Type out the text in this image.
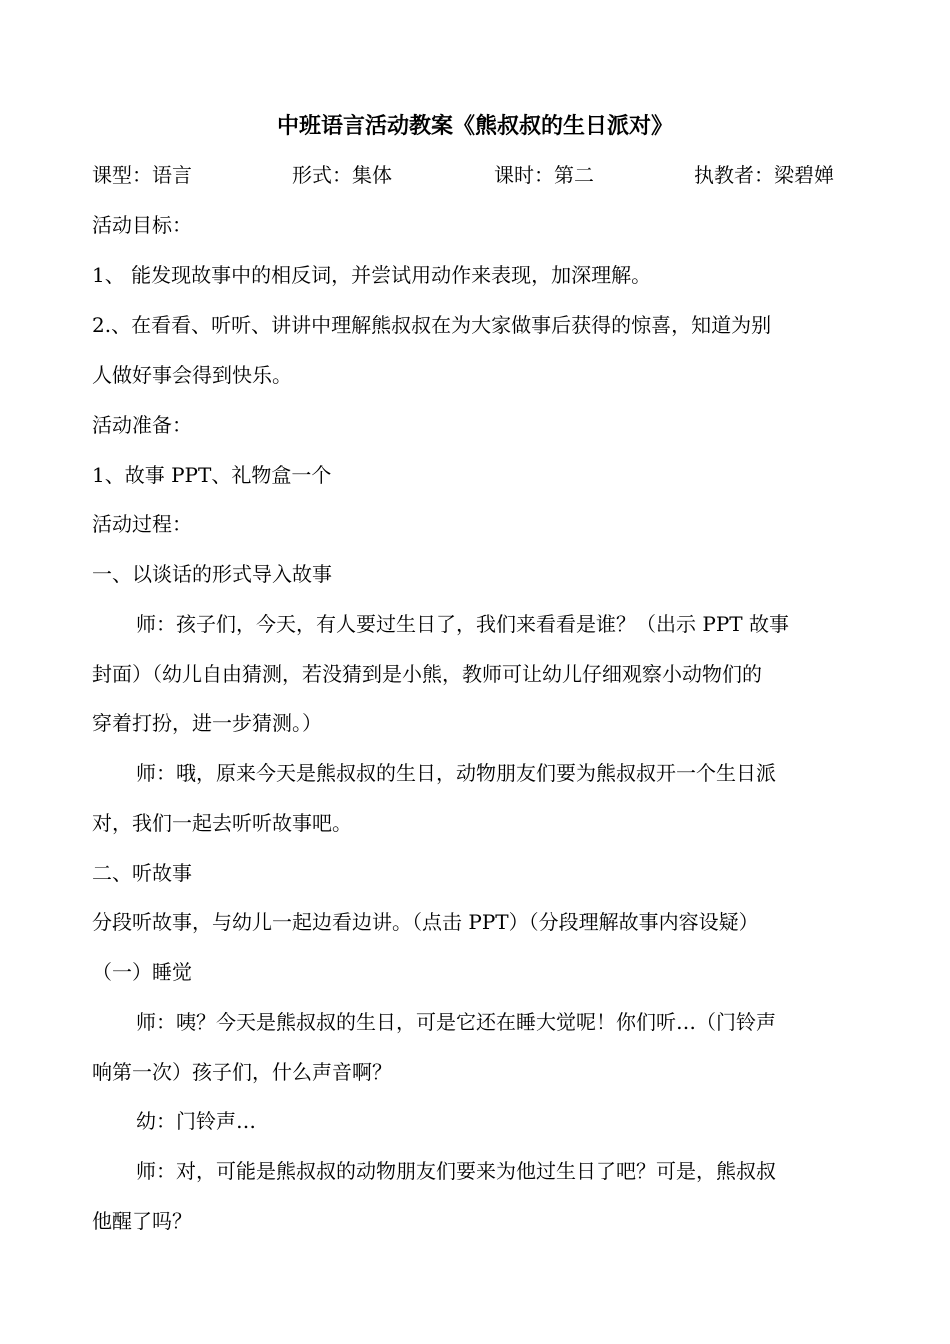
中班语言活动教案《熊叔叔的生日派对》
课型：语言	形式：集体	课时：第二	执教者：梁碧婵
活动目标：
1、 能发现故事中的相反词，并尝试用动作来表现，加深理解。
2.、在看看、听听、讲讲中理解熊叔叔在为大家做事后获得的惊喜，知道为别
人做好事会得到快乐。
活动准备：
1、故事 PPT、礼物盒一个
活动过程：
一、以谈话的形式导入故事
师：孩子们，今天，有人要过生日了，我们来看看是谁？（出示 PPT 故事
封面）（幼儿自由猜测，若没猜到是小熊，教师可让幼儿仔细观察小动物们的
穿着打扮，进一步猜测。）
师：哦，原来今天是熊叔叔的生日，动物朋友们要为熊叔叔开一个生日派
对，我们一起去听听故事吧。
二、听故事
分段听故事，与幼儿一起边看边讲。（点击 PPT）（分段理解故事内容设疑）
（一）睡觉
师：咦？今天是熊叔叔的生日，可是它还在睡大觉呢！你们听…（门铃声
响第一次）孩子们，什么声音啊？
幼：门铃声…
师：对，可能是熊叔叔的动物朋友们要来为他过生日了吧？可是，熊叔叔
他醒了吗？
